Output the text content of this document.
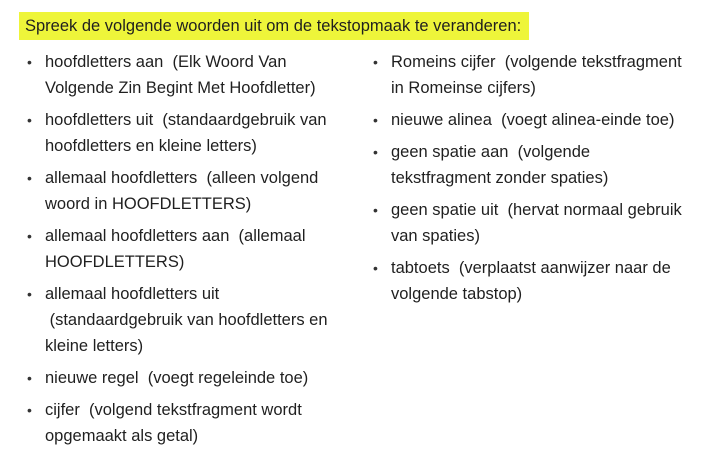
Spreek de volgende woorden uit om de tekstopmaak te veranderen:
• hoofdletters aan (Elk Woord Van Volgende Zin Begint Met Hoofdletter)
• hoofdletters uit (standaardgebruik van hoofdletters en kleine letters)
• allemaal hoofdletters (alleen volgend woord in HOOFDLETTERS)
• allemaal hoofdletters aan (allemaal HOOFDLETTERS)
• allemaal hoofdletters uit
(standaardgebruik van hoofdletters en kleine letters)
• nieuwe regel (voegt regeleinde toe)
• cijfer (volgend tekstfragment wordt opgemaakt als getal)
• Romeins cijfer (volgende tekstfragment in Romeinse cijfers)
• nieuwe alinea (voegt alinea-einde toe)
• geen spatie aan (volgende tekstfragment zonder spaties)
• geen spatie uit (hervat normaal gebruik van spaties)
• tabtoets (verplaatst aanwijzer naar de volgende tabstop)
